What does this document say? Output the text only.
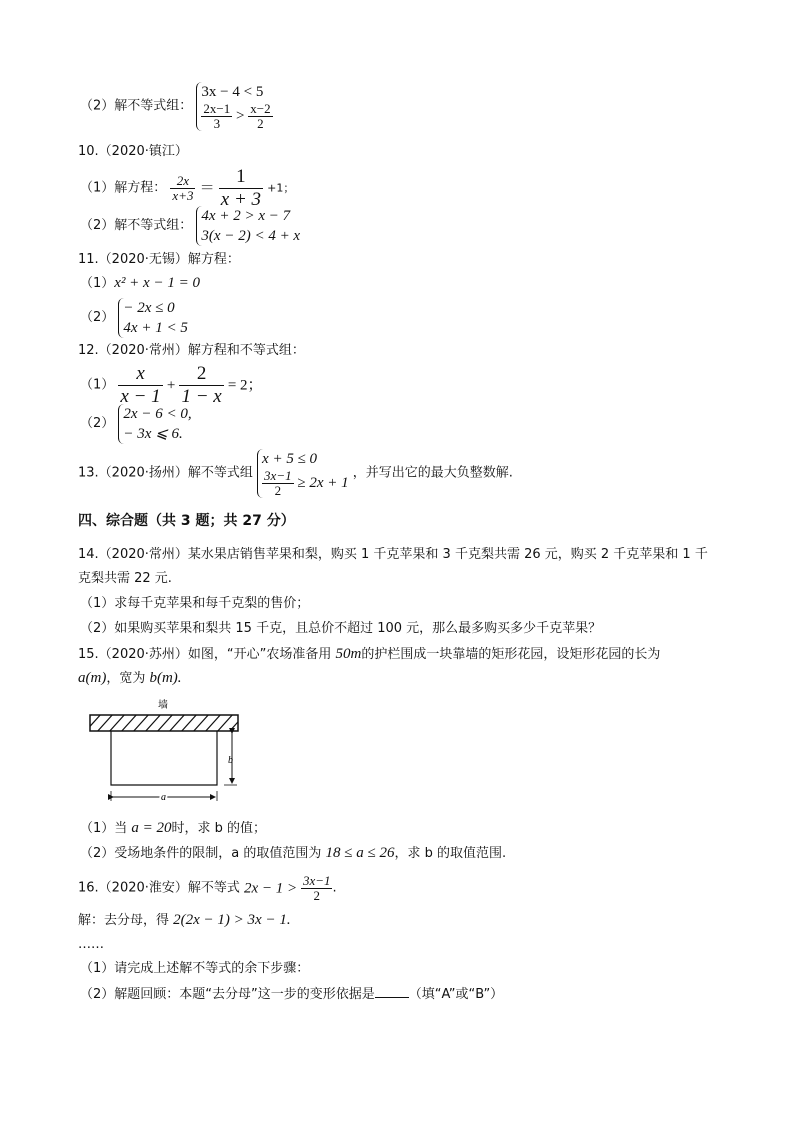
（2）解不等式组：
3x − 4 < 5
$\frac{2x-1}{3} > \frac{x-2}{2}$
10.（2020·镇江）
（1）解方程： $\frac{2x}{x+3} = \frac{1}{x + 3} +1$；
（2）解不等式组：
4x + 2 > x − 7
3(x − 2) < 4 + x
11.（2020·无锡）解方程：
（1）x² + x − 1 = 0
（2）
− 2x ≤ 0
4x + 1 < 5
12.（2020·常州）解方程和不等式组：
$(1) \frac{x}{x - 1} + \frac{2}{1 - x} = 2$；
（2）
2x − 6 < 0,
− 3x ⩽ 6.
13.（2020·扬州）解不等式组
x + 5 ≤ 0
$\frac{3x-1}{2} \ge 2x + 1$
，并写出它的最大负整数解.
四、综合题（共 3 题；共 27 分）
14.（2020·常州）某水果店销售苹果和梨，购买 1 千克苹果和 3 千克梨共需 26 元，购买 2 千克苹果和 1 千
克梨共需 22 元.
（1）求每千克苹果和每千克梨的售价；
（2）如果购买苹果和梨共 15 千克，且总价不超过 100 元，那么最多购买多少千克苹果？
15.（2020·苏州）如图，“开心”农场准备用 50m的护栏围成一块靠墙的矩形花园，设矩形花园的长为
a(m)，宽为 b(m).
墙
b
a
（1）当 a = 20时，求 b 的值；
（2）受场地条件的限制，a 的取值范围为 18 ≤ a ≤ 26，求 b 的取值范围.
16.（2020·淮安）解不等式 $2x - 1 > \frac{3x-1}{2}$ .
解：去分母，得 2(2x − 1) > 3x − 1.
……
（1）请完成上述解不等式的余下步骤：
（2）解题回顾：本题“去分母”这一步的变形依据是	（填“A”或“B”）
